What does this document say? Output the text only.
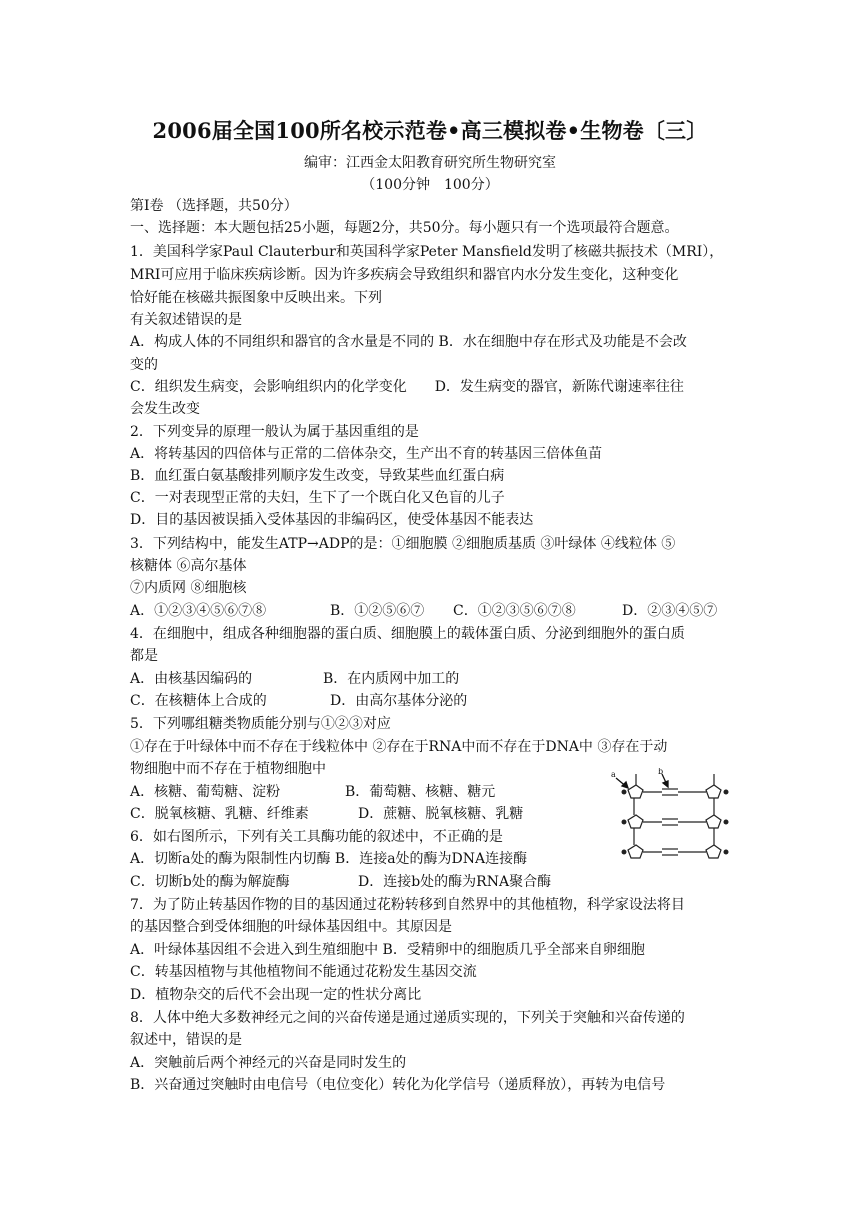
2006届全国100所名校示范卷•高三模拟卷•生物卷〔三〕
编审：江西金太阳教育研究所生物研究室
（100分钟　100分）
第Ⅰ卷 （选择题，共50分）
一、选择题：本大题包括25小题，每题2分，共50分。每小题只有一个选项最符合题意。
1．美国科学家Paul Clauterbur和英国科学家Peter Mansfield发明了核磁共振技术（MRI），
MRI可应用于临床疾病诊断。因为许多疾病会导致组织和器官内水分发生变化，这种变化
恰好能在核磁共振图象中反映出来。下列
有关叙述错误的是
A．构成人体的不同组织和器官的含水量是不同的 B．水在细胞中存在形式及功能是不会改
变的
C．组织发生病变，会影响组织内的化学变化　　D．发生病变的器官，新陈代谢速率往往
会发生改变
2．下列变异的原理一般认为属于基因重组的是
A．将转基因的四倍体与正常的二倍体杂交，生产出不育的转基因三倍体鱼苗
B．血红蛋白氨基酸排列顺序发生改变，导致某些血红蛋白病
C．一对表现型正常的夫妇，生下了一个既白化又色盲的儿子
D．目的基因被误插入受体基因的非编码区，使受体基因不能表达
3．下列结构中，能发生ATP→ADP的是：①细胞膜 ②细胞质基质 ③叶绿体 ④线粒体 ⑤
核糖体 ⑥高尔基体
⑦内质网 ⑧细胞核
A．①②③④⑤⑥⑦⑧	B．①②⑤⑥⑦ C．①②③⑤⑥⑦⑧	D．②③④⑤⑦
4．在细胞中，组成各种细胞器的蛋白质、细胞膜上的载体蛋白质、分泌到细胞外的蛋白质
都是
A．由核基因编码的	B．在内质网中加工的
C．在核糖体上合成的	D．由高尔基体分泌的
5．下列哪组糖类物质能分别与①②③对应
①存在于叶绿体中而不存在于线粒体中 ②存在于RNA中而不存在于DNA中 ③存在于动
物细胞中而不存在于植物细胞中
A．核糖、葡萄糖、淀粉	B．葡萄糖、核糖、糖元
C．脱氧核糖、乳糖、纤维素	D．蔗糖、脱氧核糖、乳糖
6．如右图所示，下列有关工具酶功能的叙述中，不正确的是
A．切断a处的酶为限制性内切酶 B．连接a处的酶为DNA连接酶
C．切断b处的酶为解旋酶	D．连接b处的酶为RNA聚合酶
a	b
7．为了防止转基因作物的目的基因通过花粉转移到自然界中的其他植物，科学家设法将目
的基因整合到受体细胞的叶绿体基因组中。其原因是
A．叶绿体基因组不会进入到生殖细胞中 B．受精卵中的细胞质几乎全部来自卵细胞
C．转基因植物与其他植物间不能通过花粉发生基因交流
D．植物杂交的后代不会出现一定的性状分离比
8．人体中绝大多数神经元之间的兴奋传递是通过递质实现的，下列关于突触和兴奋传递的
叙述中，错误的是
A．突触前后两个神经元的兴奋是同时发生的
B．兴奋通过突触时由电信号（电位变化）转化为化学信号（递质释放），再转为电信号
